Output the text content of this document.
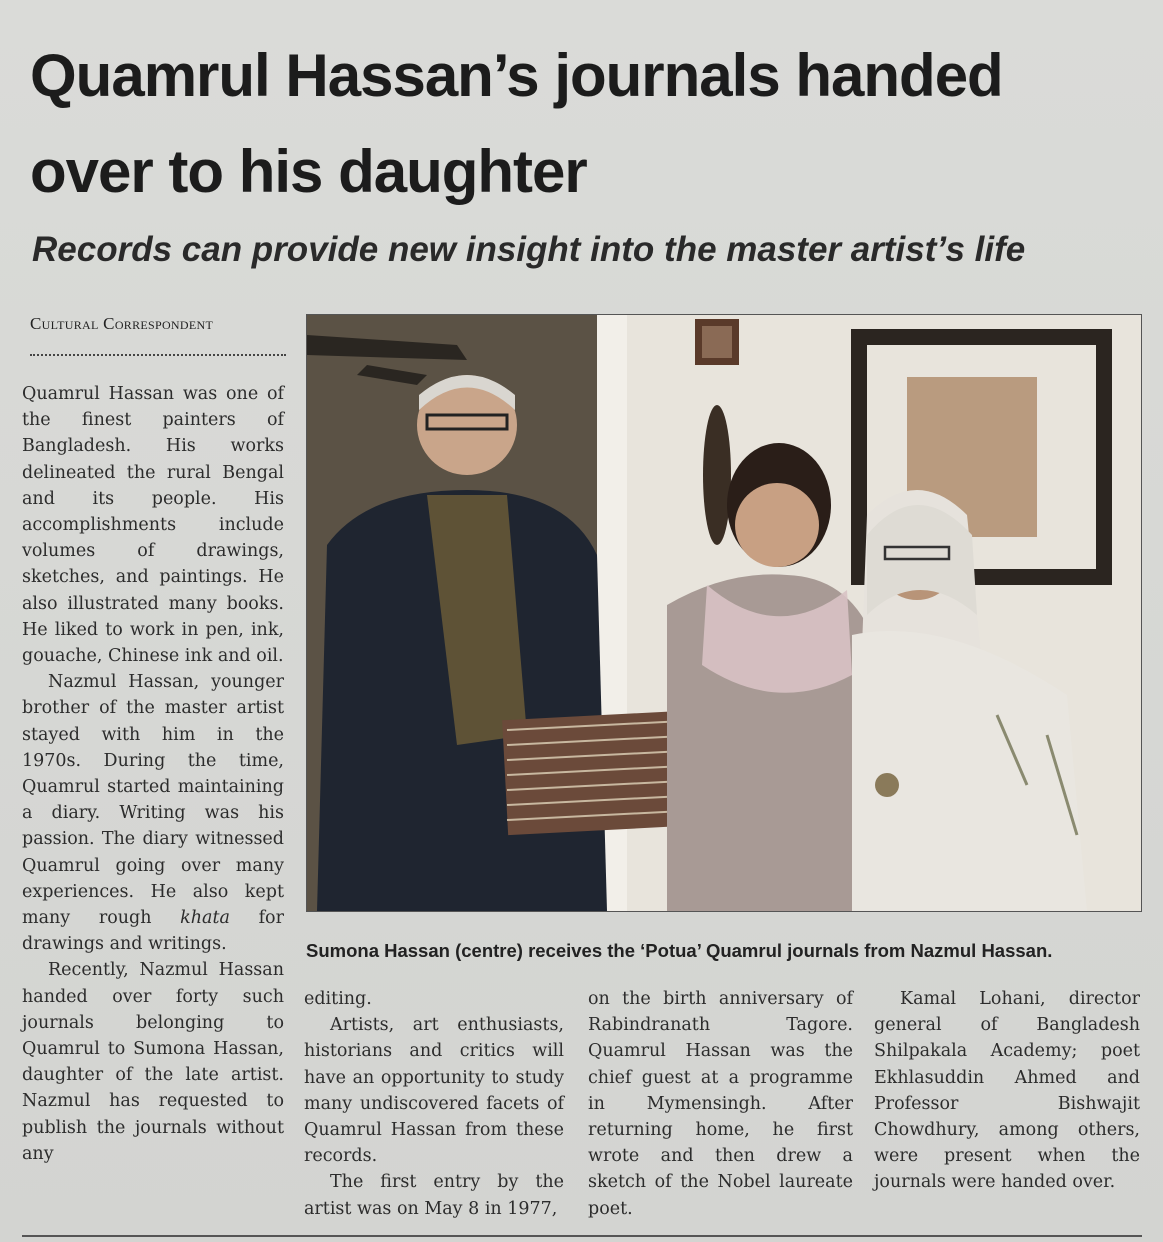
Quamrul Hassan’s journals handed over to his daughter
Records can provide new insight into the master artist’s life
Cultural Correspondent

Quamrul Hassan was one of the finest painters of Bangladesh. His works delineated the rural Bengal and its people. His accomplishments include volumes of drawings, sketches, and paintings. He also illustrated many books. He liked to work in pen, ink, gouache, Chinese ink and oil.

Nazmul Hassan, younger brother of the master artist stayed with him in the 1970s. During the time, Quamrul started maintaining a diary. Writing was his passion. The diary witnessed Quamrul going over many experiences. He also kept many rough khata for drawings and writings.

Recently, Nazmul Hassan handed over forty such journals belonging to Quamrul to Sumona Hassan, daughter of the late artist. Nazmul has requested to publish the journals without any

Sumona Hassan (centre) receives the ‘Potua’ Quamrul journals from Nazmul Hassan.

editing.

Artists, art enthusiasts, historians and critics will have an opportunity to study many undiscovered facets of Quamrul Hassan from these records.

The first entry by the artist was on May 8 in 1977,

on the birth anniversary of Rabindranath Tagore. Quamrul Hassan was the chief guest at a programme in Mymensingh. After returning home, he first wrote and then drew a sketch of the Nobel laureate poet.

Kamal Lohani, director general of Bangladesh Shilpakala Academy; poet Ekhlasuddin Ahmed and Professor Bishwajit Chowdhury, among others, were present when the journals were handed over.
